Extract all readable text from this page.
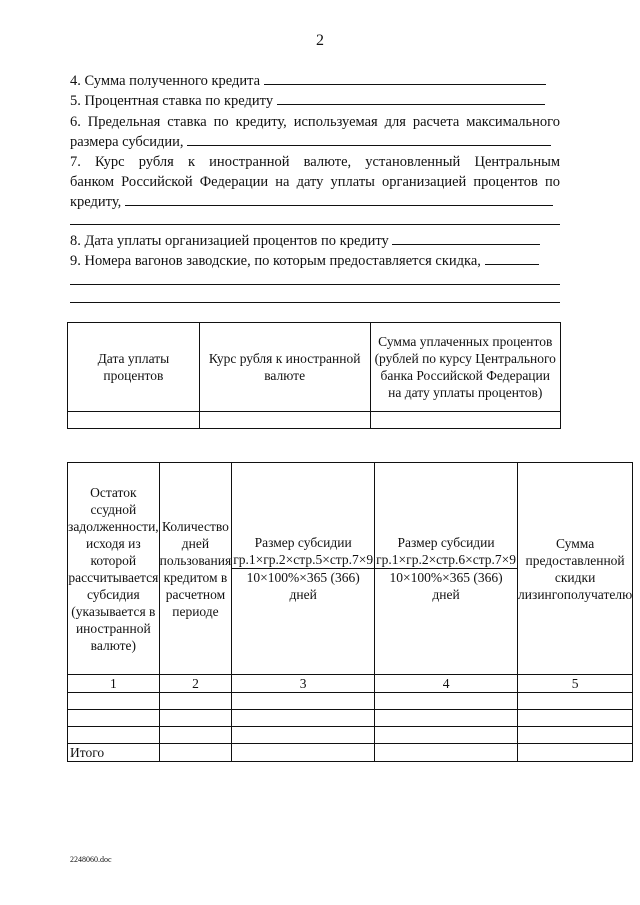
2
4. Сумма полученного кредита
5. Процентная ставка по кредиту
6. Предельная ставка по кредиту, используемая для расчета максимального
размера субсидии,
7. Курс рубля к иностранной валюте, установленный Центральным
банком Российской Федерации на дату уплаты организацией процентов по
кредиту,
8. Дата уплаты организацией процентов по кредиту
9. Номера вагонов заводские, по которым предоставляется скидка,
Дата уплаты процентов	Курс рубля к иностранной валюте	Сумма уплаченных процентов (рублей по курсу Центрального банка Российской Федерации на дату уплаты процентов)

Остаток ссудной задолженности, исходя из которой рассчитывается субсидия (указывается в иностранной валюте)	Количество дней пользования кредитом в расчетном периоде	Размер субсидии
гр.1×гр.2×стр.5×стр.7×9
10×100%×365 (366) дней	Размер субсидии
гр.1×гр.2×стр.6×стр.7×9
10×100%×365 (366) дней	Сумма предоставленной скидки лизингополучателю
1	2	3	4	5

Итого				
2248060.doc
